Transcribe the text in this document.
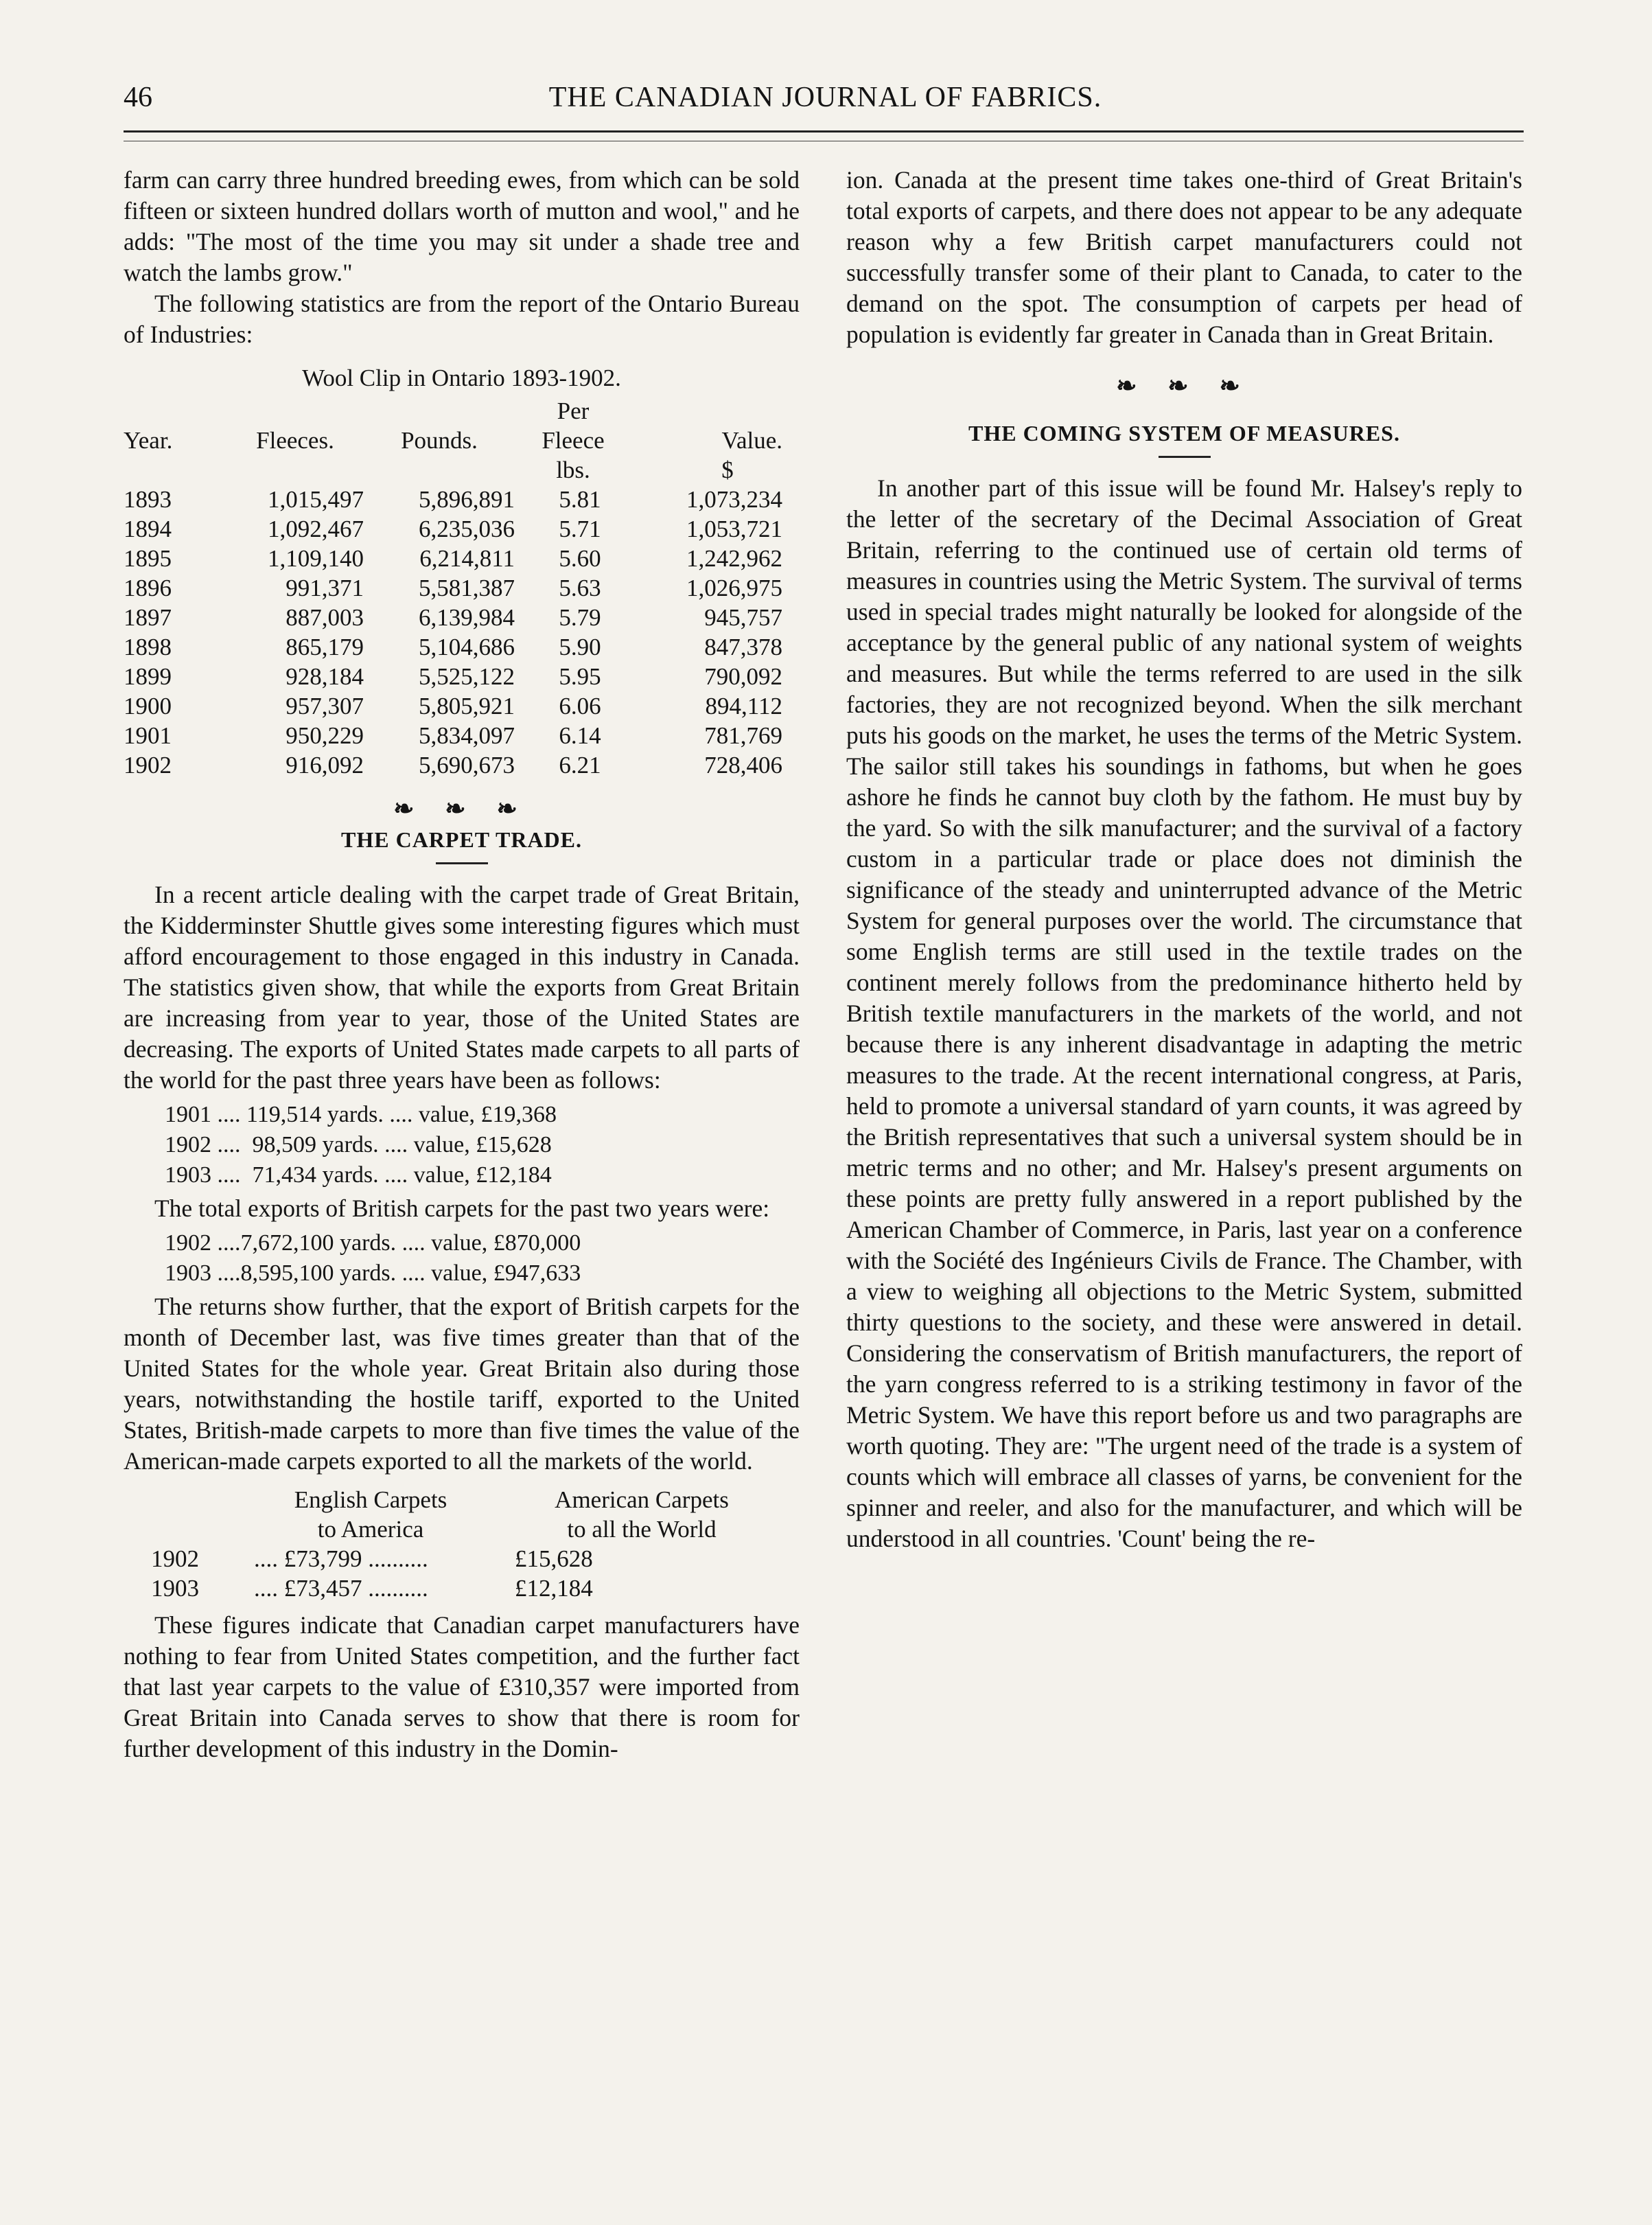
46	THE CANADIAN JOURNAL OF FABRICS.

farm can carry three hundred breeding ewes, from which can be sold fifteen or sixteen hundred dollars worth of mutton and wool," and he adds: "The most of the time you may sit under a shade tree and watch the lambs grow."

The following statistics are from the report of the Ontario Bureau of Industries:

Wool Clip in Ontario 1893-1902.
			Per	
Year.	Fleeces.	Pounds.	Fleece	Value.
			lbs.	$
1893	1,015,497	5,896,891	5.81	1,073,234
1894	1,092,467	6,235,036	5.71	1,053,721
1895	1,109,140	6,214,811	5.60	1,242,962
1896	991,371	5,581,387	5.63	1,026,975
1897	887,003	6,139,984	5.79	945,757
1898	865,179	5,104,686	5.90	847,378
1899	928,184	5,525,122	5.95	790,092
1900	957,307	5,805,921	6.06	894,112
1901	950,229	5,834,097	6.14	781,769
1902	916,092	5,690,673	6.21	728,406
❧ ❧ ❧
THE CARPET TRADE.

In a recent article dealing with the carpet trade of Great Britain, the Kidderminster Shuttle gives some interesting figures which must afford encouragement to those engaged in this industry in Canada. The statistics given show, that while the exports from Great Britain are increasing from year to year, those of the United States are decreasing. The exports of United States made carpets to all parts of the world for the past three years have been as follows:

1901 .... 119,514 yards. .... value, £19,368
1902 ....  98,509 yards. .... value, £15,628
1903 ....  71,434 yards. .... value, £12,184

The total exports of British carpets for the past two years were:

1902 ....7,672,100 yards. .... value, £870,000
1903 ....8,595,100 yards. .... value, £947,633

The returns show further, that the export of British carpets for the month of December last, was five times greater than that of the United States for the whole year. Great Britain also during those years, notwithstanding the hostile tariff, exported to the United States, British-made carpets to more than five times the value of the American-made carpets exported to all the markets of the world.

	English Carpets	American Carpets
	to America	to all the World
1902	.... £73,799 ..........	£15,628
1903	.... £73,457 ..........	£12,184

These figures indicate that Canadian carpet manufacturers have nothing to fear from United States competition, and the further fact that last year carpets to the value of £310,357 were imported from Great Britain into Canada serves to show that there is room for further development of this industry in the Domin-

ion. Canada at the present time takes one-third of Great Britain's total exports of carpets, and there does not appear to be any adequate reason why a few British carpet manufacturers could not successfully transfer some of their plant to Canada, to cater to the demand on the spot. The consumption of carpets per head of population is evidently far greater in Canada than in Great Britain.

❧ ❧ ❧
THE COMING SYSTEM OF MEASURES.

In another part of this issue will be found Mr. Halsey's reply to the letter of the secretary of the Decimal Association of Great Britain, referring to the continued use of certain old terms of measures in countries using the Metric System. The survival of terms used in special trades might naturally be looked for alongside of the acceptance by the general public of any national system of weights and measures. But while the terms referred to are used in the silk factories, they are not recognized beyond. When the silk merchant puts his goods on the market, he uses the terms of the Metric System. The sailor still takes his soundings in fathoms, but when he goes ashore he finds he cannot buy cloth by the fathom. He must buy by the yard. So with the silk manufacturer; and the survival of a factory custom in a particular trade or place does not diminish the significance of the steady and uninterrupted advance of the Metric System for general purposes over the world. The circumstance that some English terms are still used in the textile trades on the continent merely follows from the predominance hitherto held by British textile manufacturers in the markets of the world, and not because there is any inherent disadvantage in adapting the metric measures to the trade. At the recent international congress, at Paris, held to promote a universal standard of yarn counts, it was agreed by the British representatives that such a universal system should be in metric terms and no other; and Mr. Halsey's present arguments on these points are pretty fully answered in a report published by the American Chamber of Commerce, in Paris, last year on a conference with the Société des Ingénieurs Civils de France. The Chamber, with a view to weighing all objections to the Metric System, submitted thirty questions to the society, and these were answered in detail. Considering the conservatism of British manufacturers, the report of the yarn congress referred to is a striking testimony in favor of the Metric System. We have this report before us and two paragraphs are worth quoting. They are: "The urgent need of the trade is a system of counts which will embrace all classes of yarns, be convenient for the spinner and reeler, and also for the manufacturer, and which will be understood in all countries. 'Count' being the re-
